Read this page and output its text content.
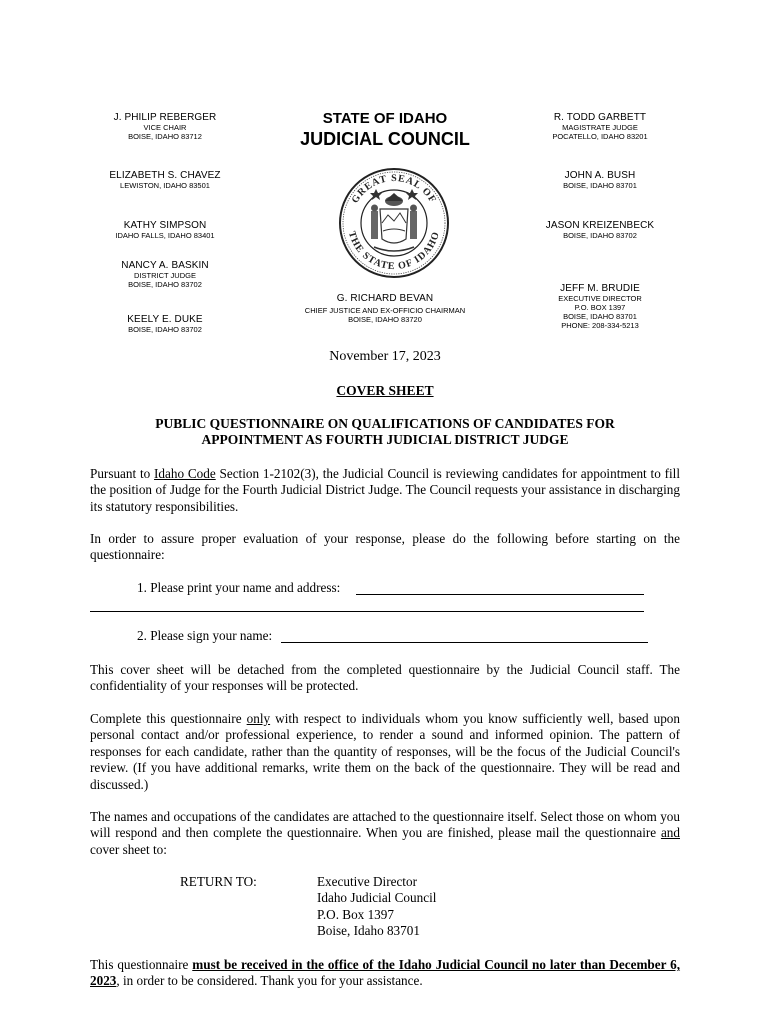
J. PHILIP REBERGER
VICE CHAIR
BOISE, IDAHO 83712
ELIZABETH S. CHAVEZ
LEWISTON, IDAHO 83501
KATHY SIMPSON
IDAHO FALLS, IDAHO 83401
NANCY A. BASKIN
DISTRICT JUDGE
BOISE, IDAHO 83702
KEELY E. DUKE
BOISE, IDAHO 83702
STATE OF IDAHO
JUDICIAL COUNCIL
GREAT SEAL OF
THE STATE OF IDAHO
G. RICHARD BEVAN
CHIEF JUSTICE AND EX-OFFICIO CHAIRMAN
BOISE, IDAHO 83720
R. TODD GARBETT
MAGISTRATE JUDGE
POCATELLO, IDAHO 83201
JOHN A. BUSH
BOISE, IDAHO 83701
JASON KREIZENBECK
BOISE, IDAHO 83702
JEFF M. BRUDIE
EXECUTIVE DIRECTOR
P.O. BOX 1397
BOISE, IDAHO 83701
PHONE: 208-334-5213
November 17, 2023
COVER SHEET
PUBLIC QUESTIONNAIRE ON QUALIFICATIONS OF CANDIDATES FOR
APPOINTMENT AS FOURTH JUDICIAL DISTRICT JUDGE
Pursuant to Idaho Code Section 1-2102(3), the Judicial Council is reviewing candidates for appointment to fill the position of Judge for the Fourth Judicial District Judge. The Council requests your assistance in discharging its statutory responsibilities.
In order to assure proper evaluation of your response, please do the following before starting on the questionnaire:
1. Please print your name and address:
2. Please sign your name:
This cover sheet will be detached from the completed questionnaire by the Judicial Council staff. The confidentiality of your responses will be protected.
Complete this questionnaire only with respect to individuals whom you know sufficiently well, based upon personal contact and/or professional experience, to render a sound and informed opinion. The pattern of responses for each candidate, rather than the quantity of responses, will be the focus of the Judicial Council's review. (If you have additional remarks, write them on the back of the questionnaire. They will be read and discussed.)
The names and occupations of the candidates are attached to the questionnaire itself. Select those on whom you will respond and then complete the questionnaire. When you are finished, please mail the questionnaire and cover sheet to:
RETURN TO:	Executive Director
Idaho Judicial Council
P.O. Box 1397
Boise, Idaho 83701
This questionnaire must be received in the office of the Idaho Judicial Council no later than December 6, 2023, in order to be considered. Thank you for your assistance.
